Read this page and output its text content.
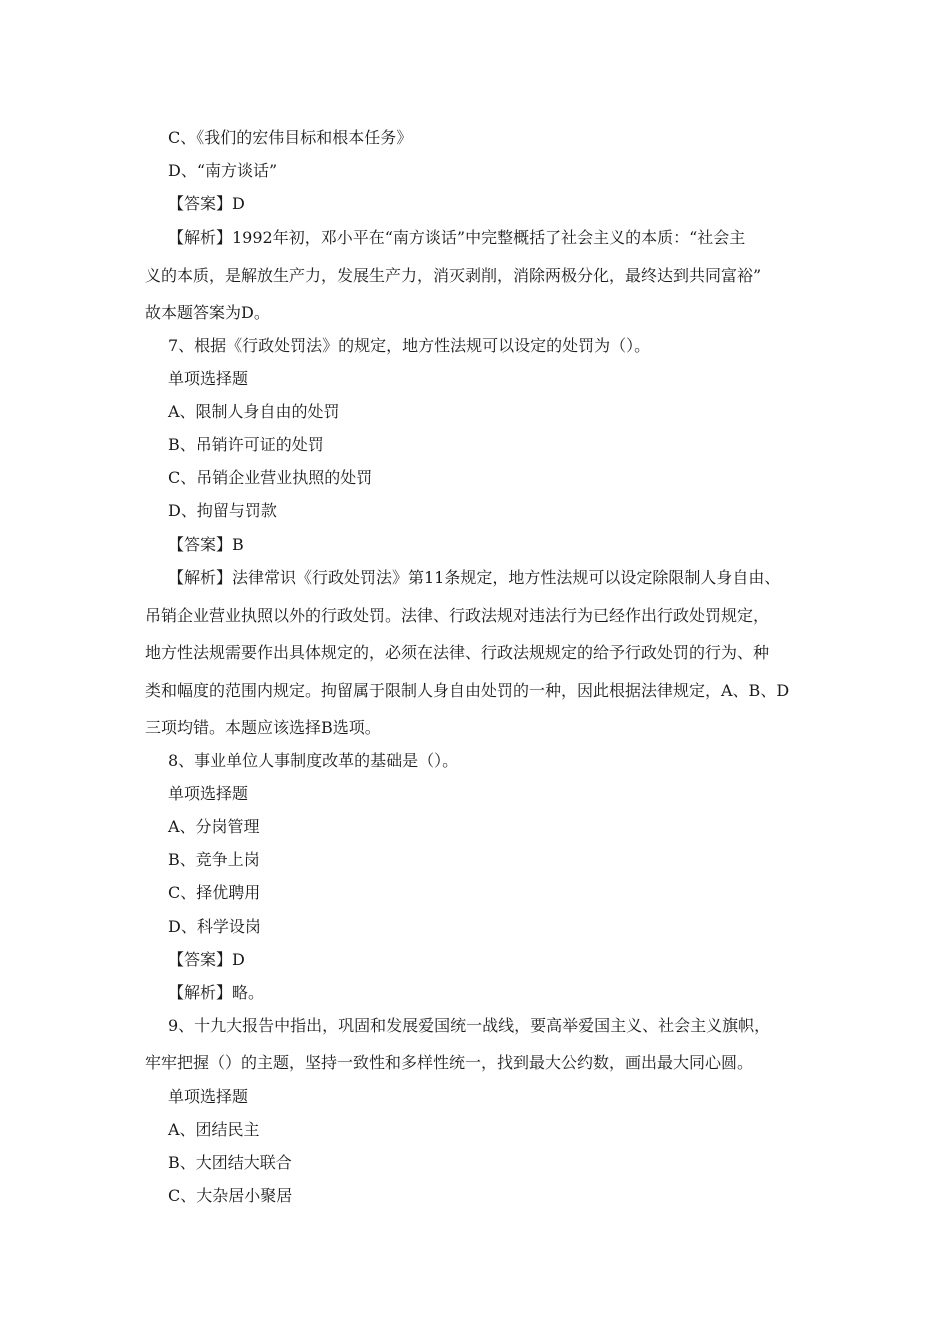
C、《我们的宏伟目标和根本任务》
D、“南方谈话”
【答案】D
【解析】1992年初，邓小平在“南方谈话”中完整概括了社会主义的本质：“社会主
义的本质，是解放生产力，发展生产力，消灭剥削，消除两极分化，最终达到共同富裕”
故本题答案为D。
7、根据《行政处罚法》的规定，地方性法规可以设定的处罚为（）。
单项选择题
A、限制人身自由的处罚
B、吊销许可证的处罚
C、吊销企业营业执照的处罚
D、拘留与罚款
【答案】B
【解析】法律常识《行政处罚法》第11条规定，地方性法规可以设定除限制人身自由、
吊销企业营业执照以外的行政处罚。法律、行政法规对违法行为已经作出行政处罚规定，
地方性法规需要作出具体规定的，必须在法律、行政法规规定的给予行政处罚的行为、种
类和幅度的范围内规定。拘留属于限制人身自由处罚的一种，因此根据法律规定，A、B、D
三项均错。本题应该选择B选项。
8、事业单位人事制度改革的基础是（）。
单项选择题
A、分岗管理
B、竞争上岗
C、择优聘用
D、科学设岗
【答案】D
【解析】略。
9、十九大报告中指出，巩固和发展爱国统一战线，要高举爱国主义、社会主义旗帜，
牢牢把握（）的主题，坚持一致性和多样性统一，找到最大公约数，画出最大同心圆。
单项选择题
A、团结民主
B、大团结大联合
C、大杂居小聚居
